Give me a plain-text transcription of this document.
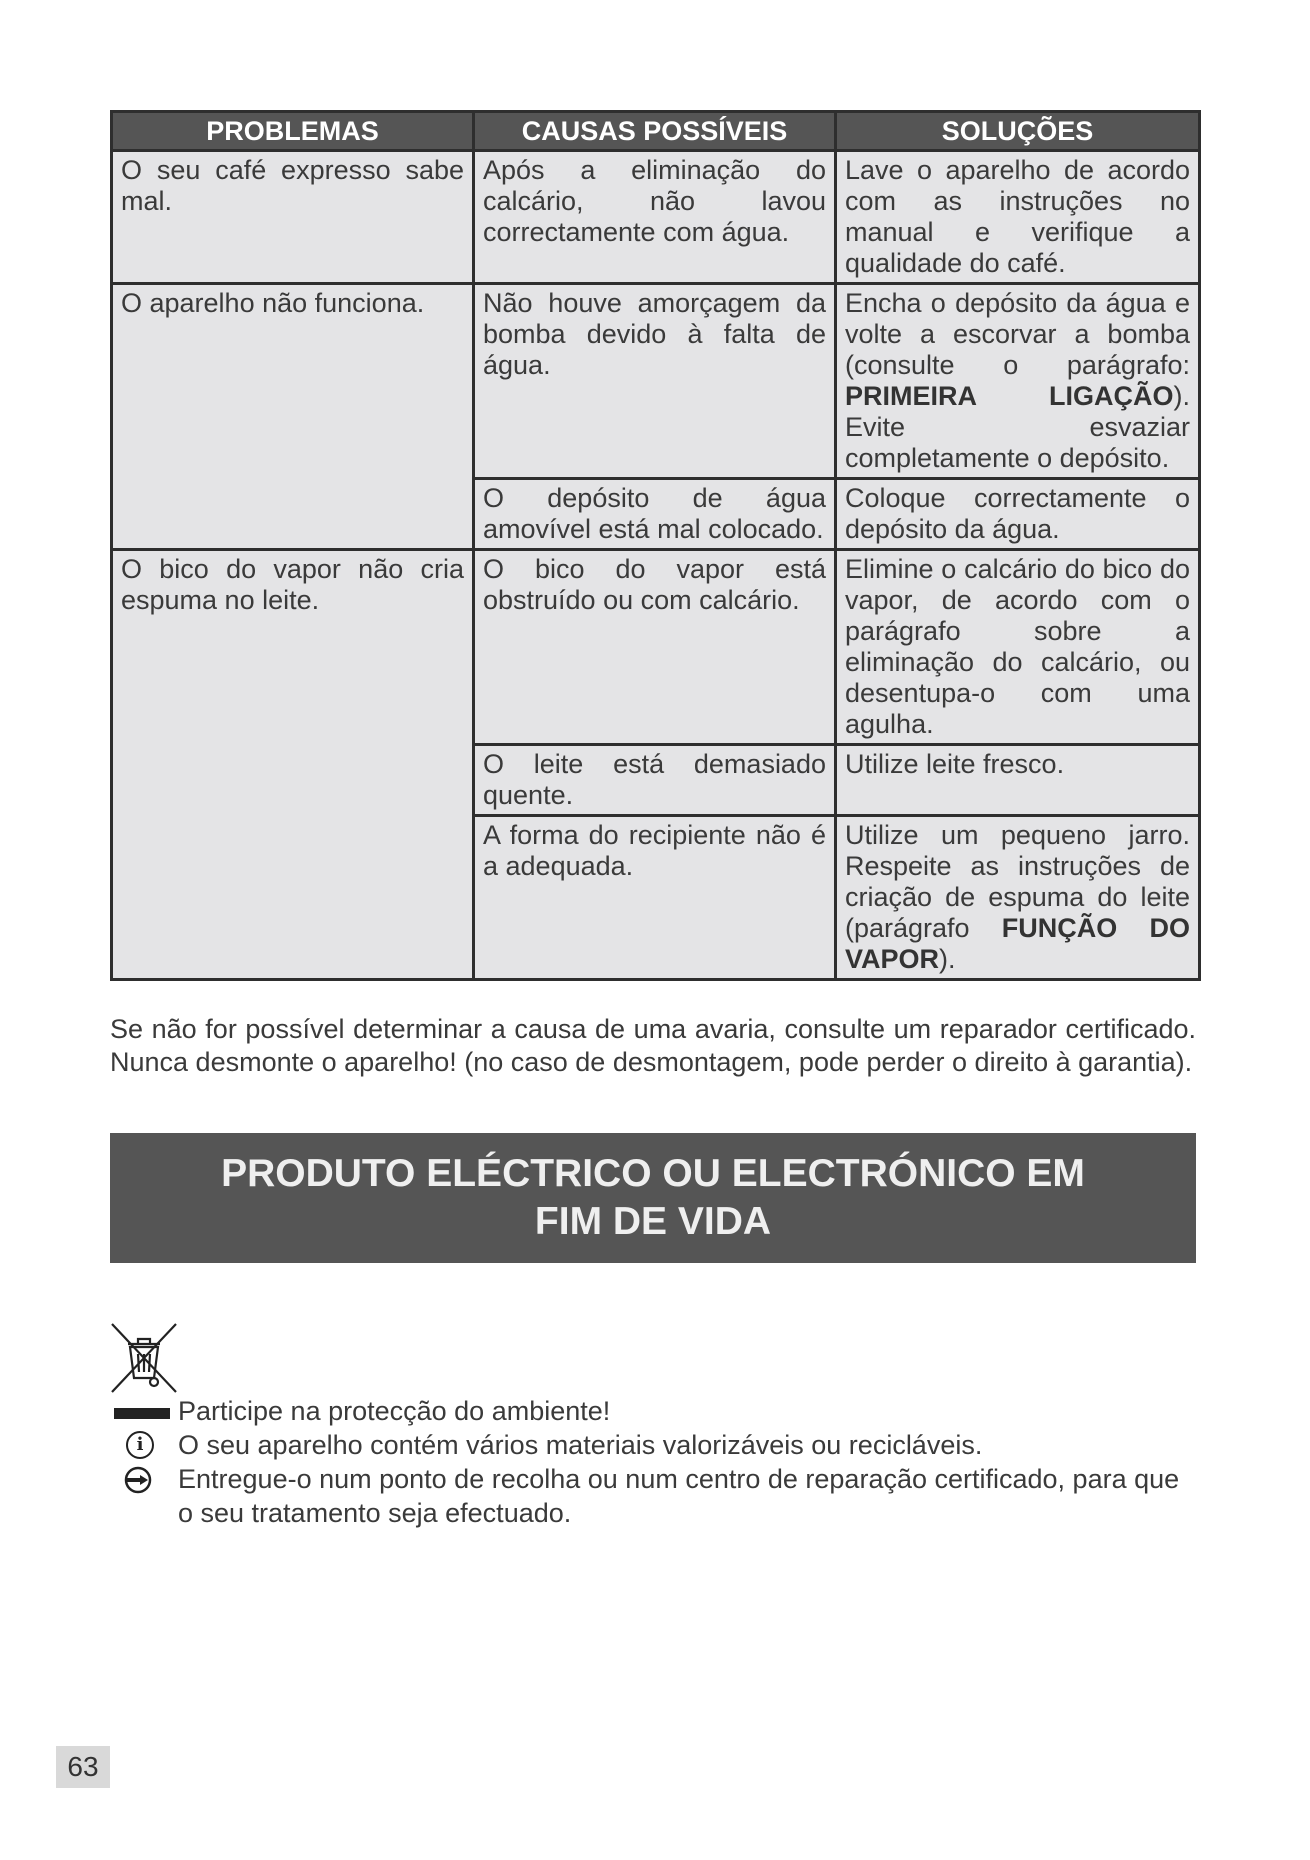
PROBLEMAS	CAUSAS POSSÍVEIS	SOLUÇÕES
O seu café expresso sabe mal.	Após a eliminação do calcário, não lavou correctamente com água.	Lave o aparelho de acordo com as instruções no manual e verifique a qualidade do café.
O aparelho não funciona.	Não houve amorçagem da bomba devido à falta de água.	Encha o depósito da água e volte a escorvar a bomba (consulte o parágrafo: PRIMEIRA LIGAÇÃO). Evite esvaziar completamente o depósito.
	O depósito de água amovível está mal colocado.	Coloque correctamente o depósito da água.
O bico do vapor não cria espuma no leite.	O bico do vapor está obstruído ou com calcário.	Elimine o calcário do bico do vapor, de acordo com o parágrafo sobre a eliminação do calcário, ou desentupa-o com uma agulha.
	O leite está demasiado quente.	Utilize leite fresco.
	A forma do recipiente não é a adequada.	Utilize um pequeno jarro. Respeite as instruções de criação de espuma do leite (parágrafo FUNÇÃO DO VAPOR).
Se não for possível determinar a causa de uma avaria, consulte um reparador certificado. Nunca desmonte o aparelho! (no caso de desmontagem, pode perder o direito à garantia).
PRODUTO ELÉCTRICO OU ELECTRÓNICO EM
FIM DE VIDA
Participe na protecção do ambiente!
i	O seu aparelho contém vários materiais valorizáveis ou recicláveis.
Entregue-o num ponto de recolha ou num centro de reparação certificado, para que o seu tratamento seja efectuado.
63
